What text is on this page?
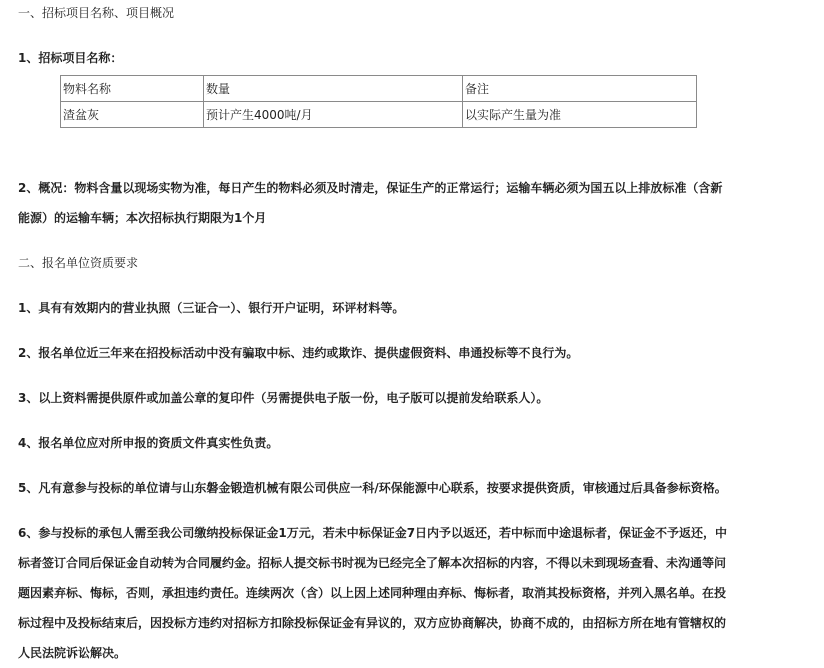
一、招标项目名称、项目概况
1、招标项目名称：
物料名称	数量	备注
渣盆灰	预计产生4000吨/月	以实际产生量为准
2、概况：物料含量以现场实物为准，每日产生的物料必须及时清走，保证生产的正常运行；运输车辆必须为国五以上排放标准（含新能源）的运输车辆；本次招标执行期限为1个月
二、报名单位资质要求
1、具有有效期内的营业执照（三证合一）、银行开户证明，环评材料等。
2、报名单位近三年来在招投标活动中没有骗取中标、违约或欺诈、提供虚假资料、串通投标等不良行为。
3、以上资料需提供原件或加盖公章的复印件（另需提供电子版一份，电子版可以提前发给联系人）。
4、报名单位应对所申报的资质文件真实性负责。
5、凡有意参与投标的单位请与山东磐金锻造机械有限公司供应一科/环保能源中心联系，按要求提供资质，审核通过后具备参标资格。
6、参与投标的承包人需至我公司缴纳投标保证金1万元，若未中标保证金7日内予以返还，若中标而中途退标者，保证金不予返还，中标者签订合同后保证金自动转为合同履约金。招标人提交标书时视为已经完全了解本次招标的内容，不得以未到现场查看、未沟通等问题因素弃标、悔标，否则，承担违约责任。连续两次（含）以上因上述同种理由弃标、悔标者，取消其投标资格，并列入黑名单。在投标过程中及投标结束后，因投标方违约对招标方扣除投标保证金有异议的，双方应协商解决，协商不成的，由招标方所在地有管辖权的人民法院诉讼解决。
